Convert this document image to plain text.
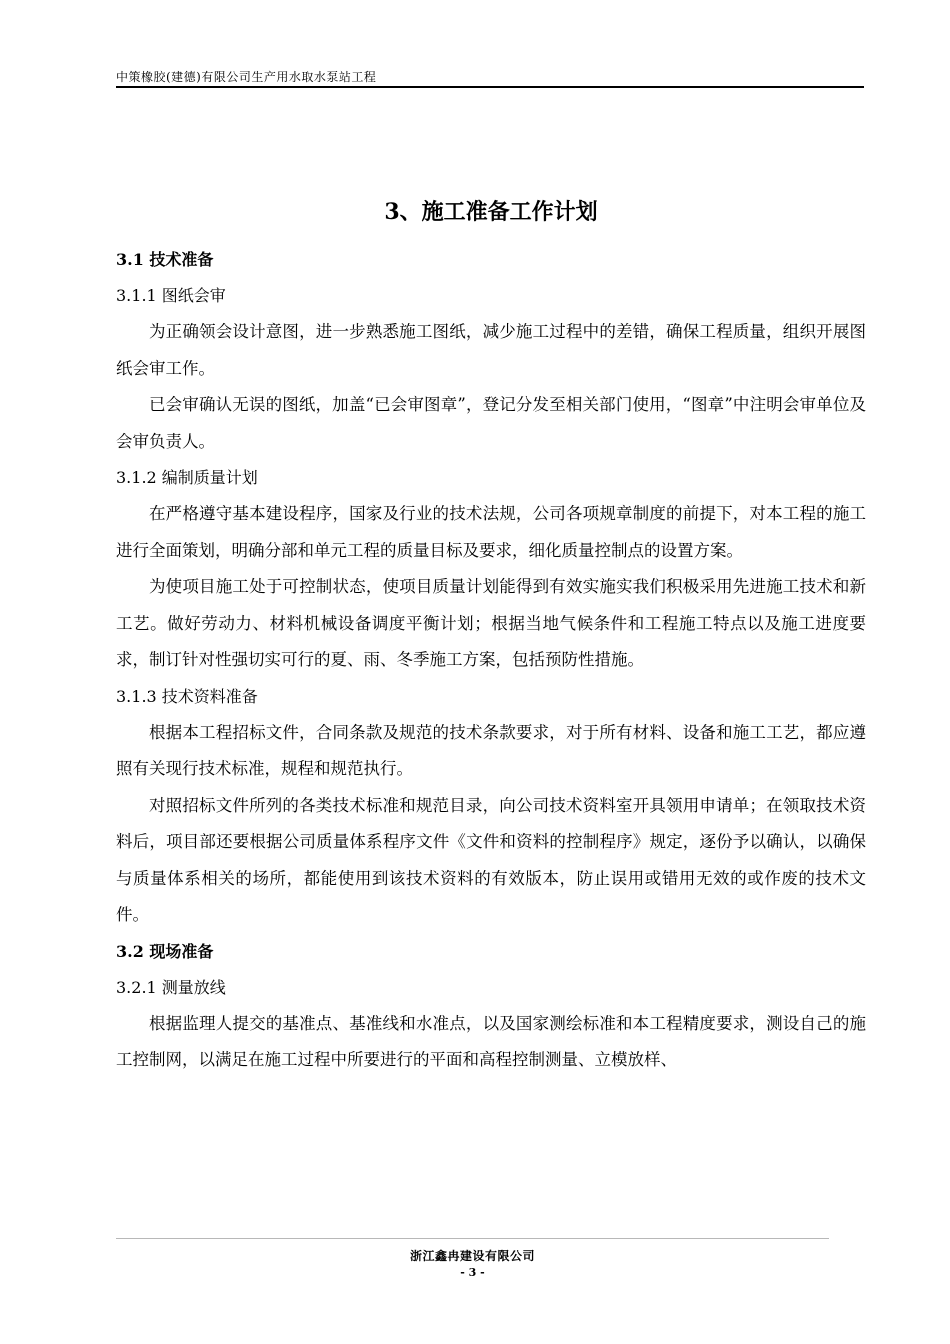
中策橡胶(建德)有限公司生产用水取水泵站工程
3、施工准备工作计划
3.1 技术准备
3.1.1 图纸会审

为正确领会设计意图，进一步熟悉施工图纸，减少施工过程中的差错，确保工程质量，组织开展图纸会审工作。

已会审确认无误的图纸，加盖“已会审图章”，登记分发至相关部门使用，“图章”中注明会审单位及会审负责人。

3.1.2 编制质量计划

在严格遵守基本建设程序，国家及行业的技术法规，公司各项规章制度的前提下，对本工程的施工进行全面策划，明确分部和单元工程的质量目标及要求，细化质量控制点的设置方案。

为使项目施工处于可控制状态，使项目质量计划能得到有效实施实我们积极采用先进施工技术和新工艺。做好劳动力、材料机械设备调度平衡计划；根据当地气候条件和工程施工特点以及施工进度要求，制订针对性强切实可行的夏、雨、冬季施工方案，包括预防性措施。

3.1.3 技术资料准备

根据本工程招标文件，合同条款及规范的技术条款要求，对于所有材料、设备和施工工艺，都应遵照有关现行技术标准，规程和规范执行。

对照招标文件所列的各类技术标准和规范目录，向公司技术资料室开具领用申请单；在领取技术资料后，项目部还要根据公司质量体系程序文件《文件和资料的控制程序》规定，逐份予以确认，以确保与质量体系相关的场所，都能使用到该技术资料的有效版本，防止误用或错用无效的或作废的技术文件。

3.2 现场准备
3.2.1 测量放线

根据监理人提交的基准点、基准线和水准点，以及国家测绘标准和本工程精度要求，测设自己的施工控制网，以满足在施工过程中所要进行的平面和高程控制测量、立模放样、

浙江鑫冉建设有限公司
- 3 -
